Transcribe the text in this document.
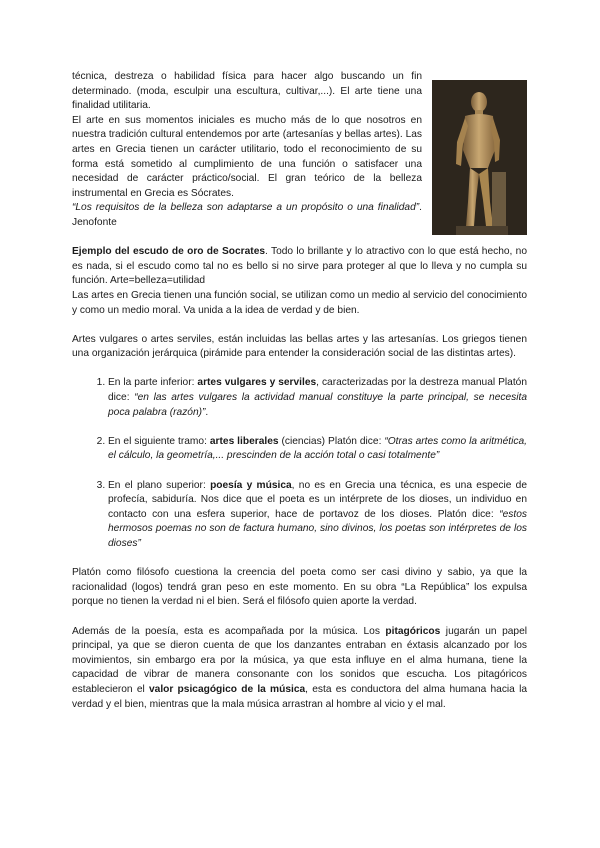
técnica, destreza o habilidad física para hacer algo buscando un fin determinado. (moda, esculpir una escultura, cultivar,...). El arte tiene una finalidad utilitaria.

El arte en sus momentos iniciales es mucho más de lo que nosotros en nuestra tradición cultural entendemos por arte (artesanías y bellas artes). Las artes en Grecia tienen un carácter utilitario, todo el reconocimiento de su forma está sometido al cumplimiento de una función o satisfacer una necesidad de carácter práctico/social. El gran teórico de la belleza instrumental en Grecia es Sócrates.

“Los requisitos de la belleza son adaptarse a un propósito o una finalidad”. Jenofonte

Ejemplo del escudo de oro de Socrates. Todo lo brillante y lo atractivo con lo que está hecho, no es nada, si el escudo como tal no es bello si no sirve para proteger al que lo lleva y no cumpla su función. Arte=belleza=utilidad

Las artes en Grecia tienen una función social, se utilizan como un medio al servicio del conocimiento y como un medio moral. Va unida a la idea de verdad y de bien.

Artes vulgares o artes serviles, están incluidas las bellas artes y las artesanías. Los griegos tienen una organización jerárquica (pirámide para entender la consideración social de las distintas artes).

1. En la parte inferior: artes vulgares y serviles, caracterizadas por la destreza manual Platón dice: “en las artes vulgares la actividad manual constituye la parte principal, se necesita poca palabra (razón)”.
2. En el siguiente tramo: artes liberales (ciencias) Platón dice: “Otras artes como la aritmética, el cálculo, la geometría,... prescinden de la acción total o casi totalmente”
3. En el plano superior: poesía y música, no es en Grecia una técnica, es una especie de profecía, sabiduría. Nos dice que el poeta es un intérprete de los dioses, un individuo en contacto con una esfera superior, hace de portavoz de los dioses. Platón dice: “estos hermosos poemas no son de factura humano, sino divinos, los poetas son intérpretes de los dioses”

Platón como filósofo cuestiona la creencia del poeta como ser casi divino y sabio, ya que la racionalidad (logos) tendrá gran peso en este momento. En su obra “La República” los expulsa porque no tienen la verdad ni el bien. Será el filósofo quien aporte la verdad.

Además de la poesía, esta es acompañada por la música. Los pitagóricos jugarán un papel principal, ya que se dieron cuenta de que los danzantes entraban en éxtasis alcanzado por los movimientos, sin embargo era por la música, ya que esta influye en el alma humana, tiene la capacidad de vibrar de manera consonante con los sonidos que escucha. Los pitagóricos establecieron el valor psicagógico de la música, esta es conductora del alma humana hacia la verdad y el bien, mientras que la mala música arrastran al hombre al vicio y el mal.
